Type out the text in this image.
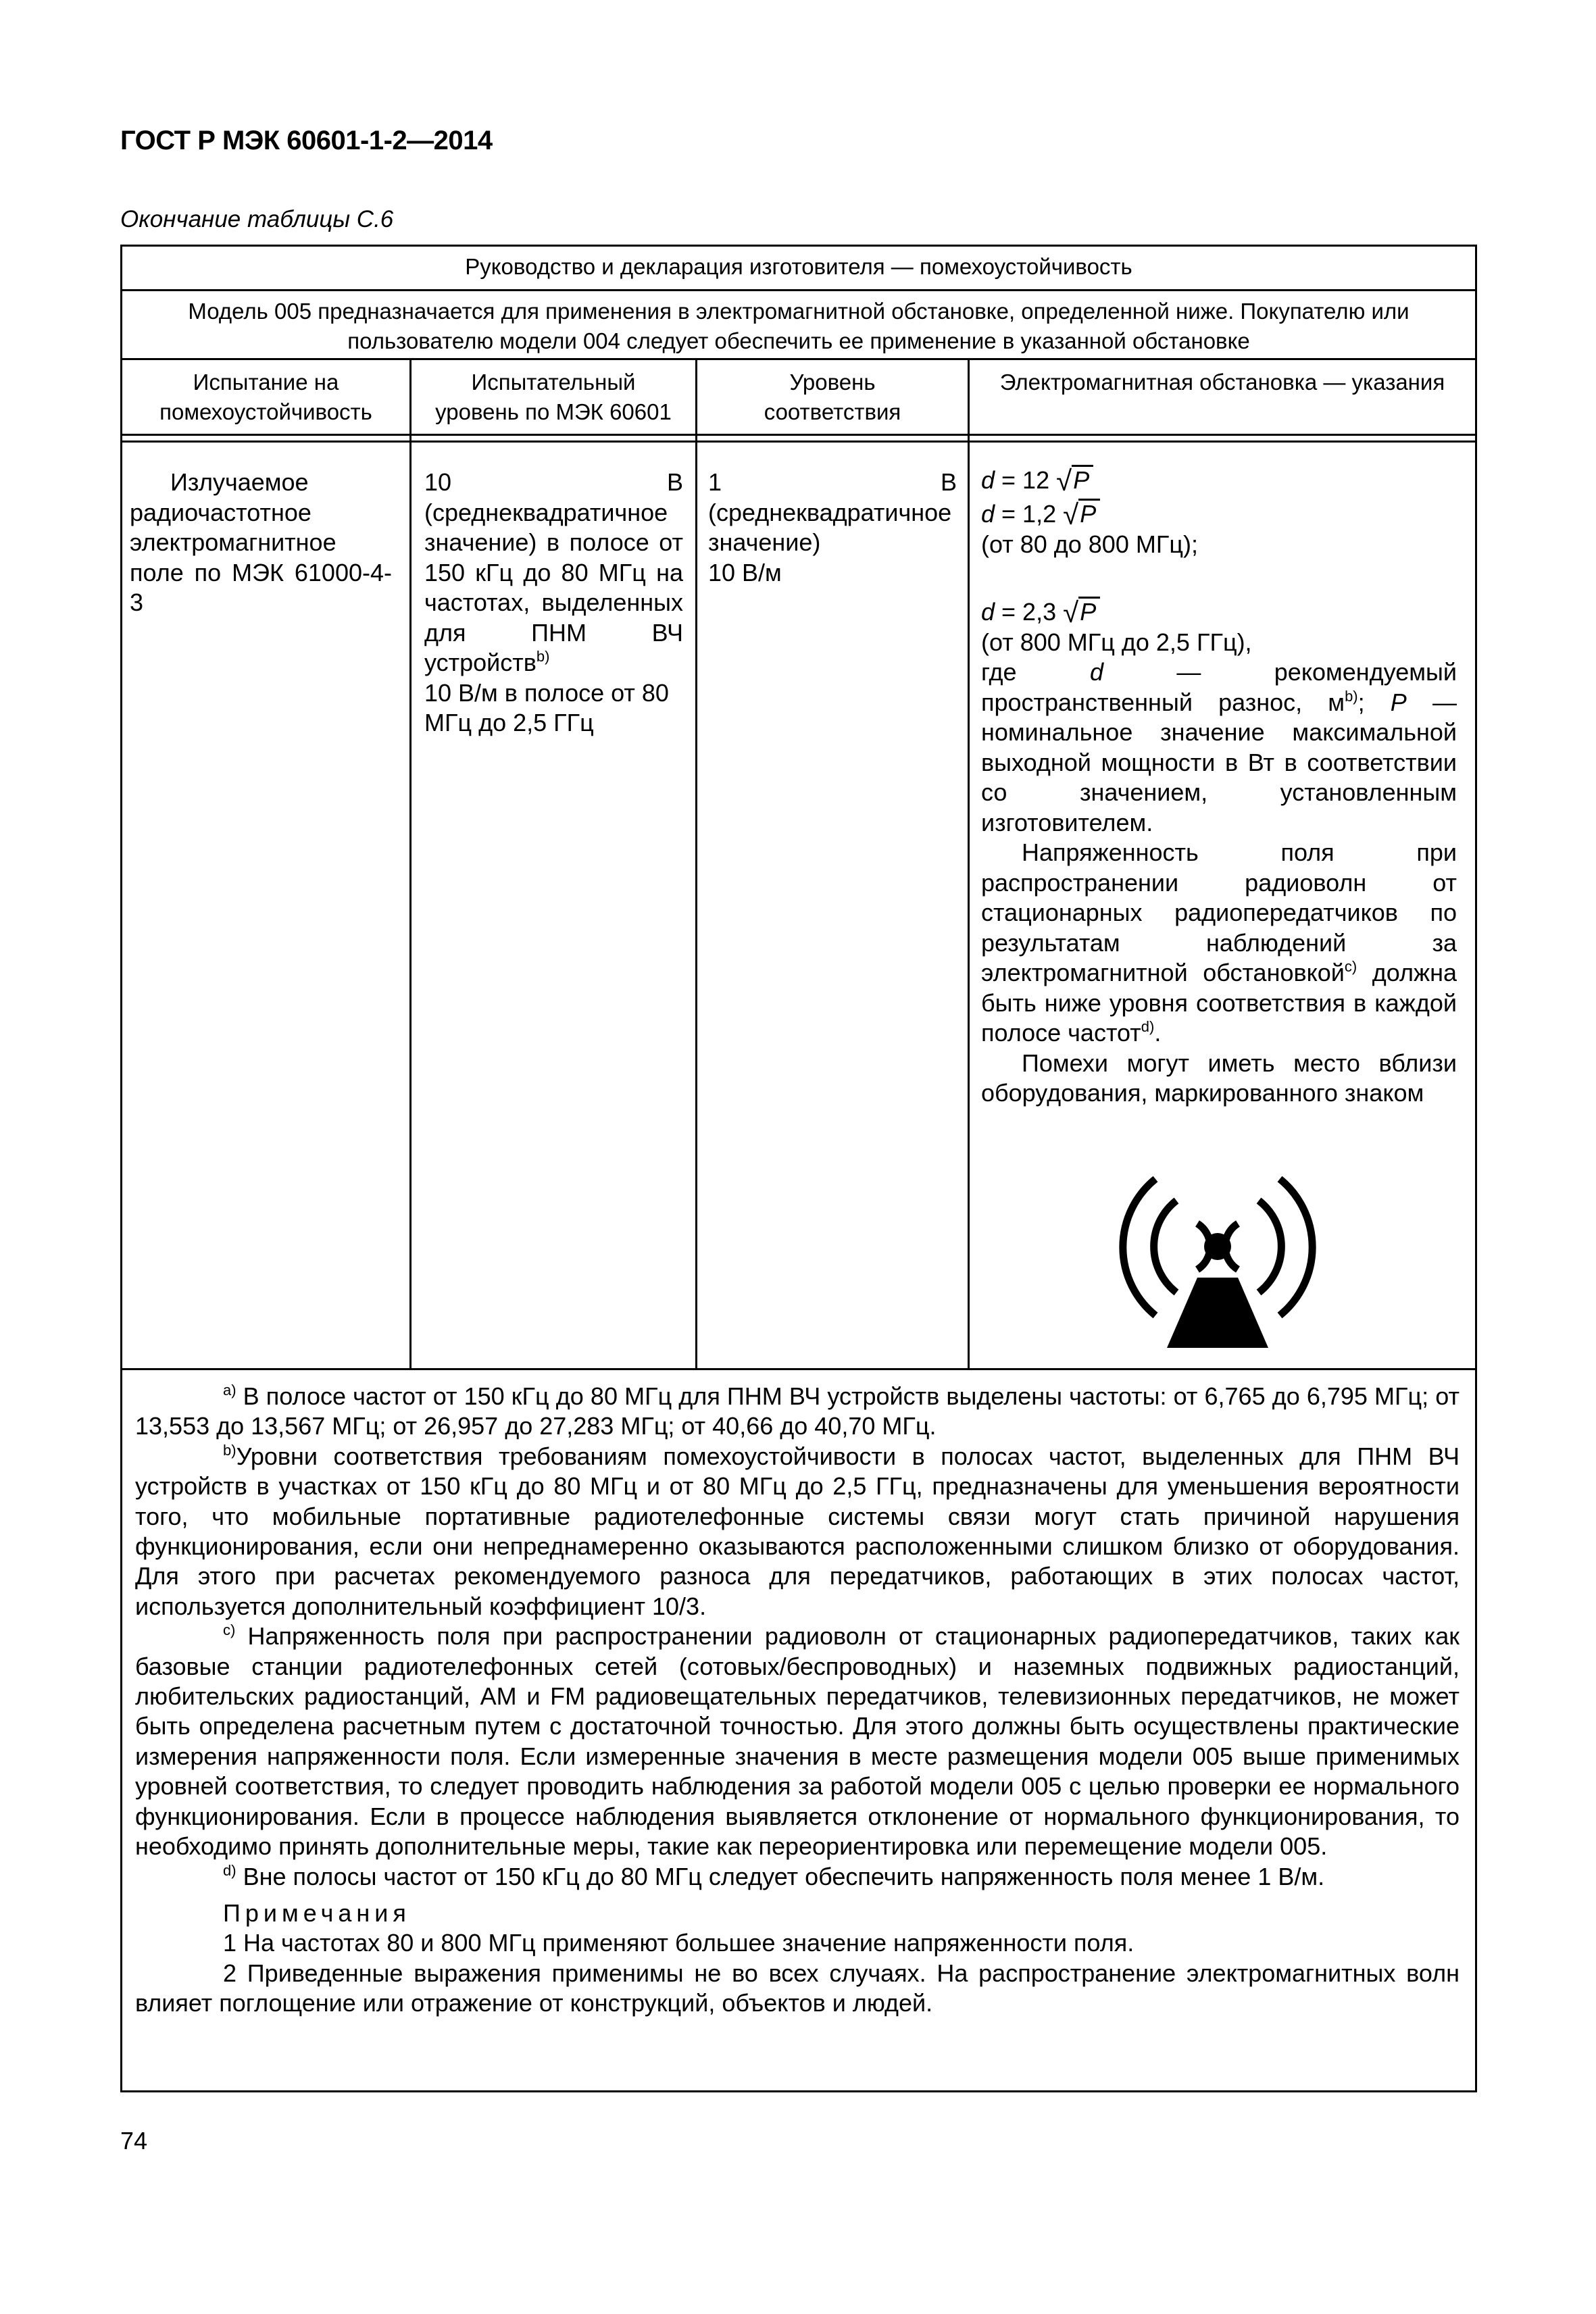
ГОСТ Р МЭК 60601-1-2—2014
Окончание таблицы С.6
Руководство и декларация изготовителя — помехоустойчивость
Модель 005 предназначается для применения в электромагнитной обстановке, определенной ниже. Покупателю или
пользователю модели 004 следует обеспечить ее применение в указанной обстановке
Испытание на
помехоустойчивость
Испытательный
уровень по МЭК 60601
Уровень
соответствия
Электромагнитная обстановка — указания
Излучаемое радиочастотное электромагнитное поле по МЭК 61000-4-3
10 В (среднеквадратичное значение) в полосе от 150 кГц до 80 МГц на частотах, выделенных для ПНМ ВЧ устройств$^{b)}$
10 В/м в полосе от 80 МГц до 2,5 ГГц
1 В (среднеквадратичное значение)
10 В/м
d = 12 √P
d = 1,2 √P
(от 80 до 800 МГц);
d = 2,3 √P
(от 800 МГц до 2,5 ГГц),
где d — рекомендуемый пространственный разнос, $м^{b)}$; P — номинальное значение максимальной выходной мощности в Вт в соответствии со значением, установленным изготовителем.
Напряженность поля при распространении радиоволн от стационарных радиопередатчиков по результатам наблюдений за электромагнитной обстановкой$^{c)}$ должна быть ниже уровня соответствия в каждой полосе частот$^{d)}$.
Помехи могут иметь место вблизи оборудования, маркированного знаком

$^{a)}$ В полосе частот от 150 кГц до 80 МГц для ПНМ ВЧ устройств выделены частоты: от 6,765 до 6,795 МГц; от 13,553 до 13,567 МГц; от 26,957 до 27,283 МГц; от 40,66 до 40,70 МГц.

$^{b)}$Уровни соответствия требованиям помехоустойчивости в полосах частот, выделенных для ПНМ ВЧ устройств в участках от 150 кГц до 80 МГц и от 80 МГц до 2,5 ГГц, предназначены для уменьшения вероятности того, что мобильные портативные радиотелефонные системы связи могут стать причиной нарушения функционирования, если они непреднамеренно оказываются расположенными слишком близко от оборудования. Для этого при расчетах рекомендуемого разноса для передатчиков, работающих в этих полосах частот, используется дополнительный коэффициент 10/3.

$^{c)}$ Напряженность поля при распространении радиоволн от стационарных радиопередатчиков, таких как базовые станции радиотелефонных сетей (сотовых/беспроводных) и наземных подвижных радиостанций, любительских радиостанций, АМ и FM радиовещательных передатчиков, телевизионных передатчиков, не может быть определена расчетным путем с достаточной точностью. Для этого должны быть осуществлены практические измерения напряженности поля. Если измеренные значения в месте размещения модели 005 выше применимых уровней соответствия, то следует проводить наблюдения за работой модели 005 с целью проверки ее нормального функционирования. Если в процессе наблюдения выявляется отклонение от нормального функционирования, то необходимо принять дополнительные меры, такие как переориентировка или перемещение модели 005.

$^{d)}$ Вне полосы частот от 150 кГц до 80 МГц следует обеспечить напряженность поля менее 1 В/м.

Примечания

1 На частотах 80 и 800 МГц применяют большее значение напряженности поля.

2 Приведенные выражения применимы не во всех случаях. На распространение электромагнитных волн влияет поглощение или отражение от конструкций, объектов и людей.

74
